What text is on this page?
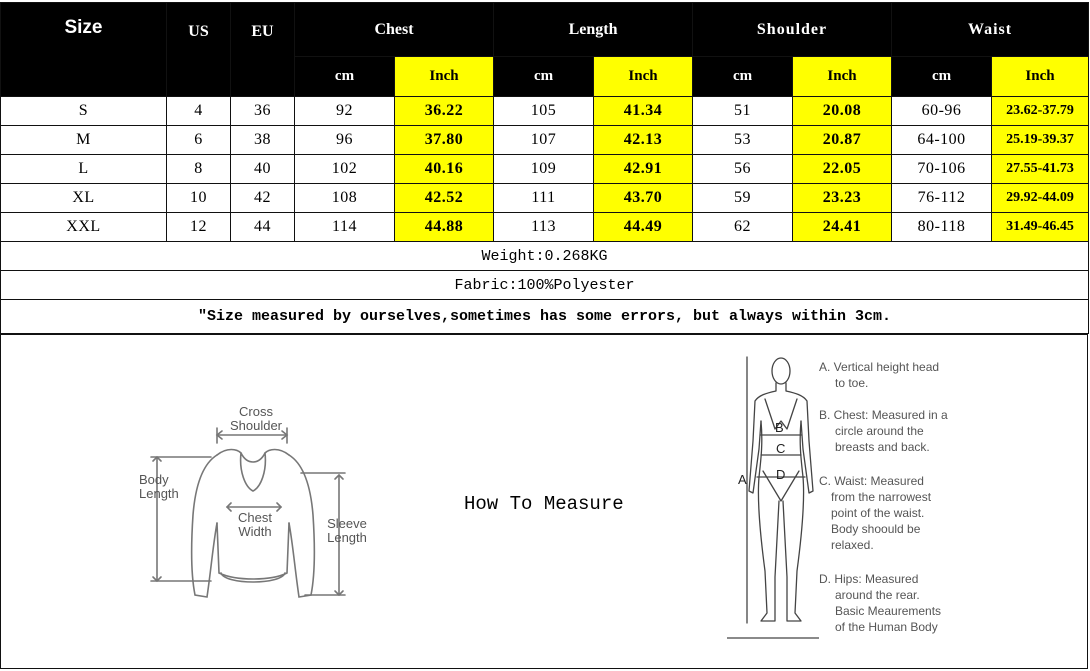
Size	US	EU	Chest		Length		Shoulder		Waist	
			cm	Inch	cm	Inch	cm	Inch	cm	Inch
S	4	36	92	36.22	105	41.34	51	20.08	60-96	23.62-37.79
M	6	38	96	37.80	107	42.13	53	20.87	64-100	25.19-39.37
L	8	40	102	40.16	109	42.91	56	22.05	70-106	27.55-41.73
XL	10	42	108	42.52	111	43.70	59	23.23	76-112	29.92-44.09
XXL	12	44	114	44.88	113	44.49	62	24.41	80-118	31.49-46.45
Weight:0.268KG										
Fabric:100%Polyester										
"Size measured by ourselves,sometimes has some errors, but always within 3cm.										
Cross
Shoulder
Body
Length
Chest
Width
Sleeve
Length
How To Measure
A
B
C
D
A. Vertical height head
to toe.
B. Chest: Measured in a
circle around the
breasts and back.
C. Waist: Measured
from the narrowest
point of the waist.
Body shoould be
relaxed.
D. Hips: Measured
around the rear.
Basic Meaurements
of the Human Body
